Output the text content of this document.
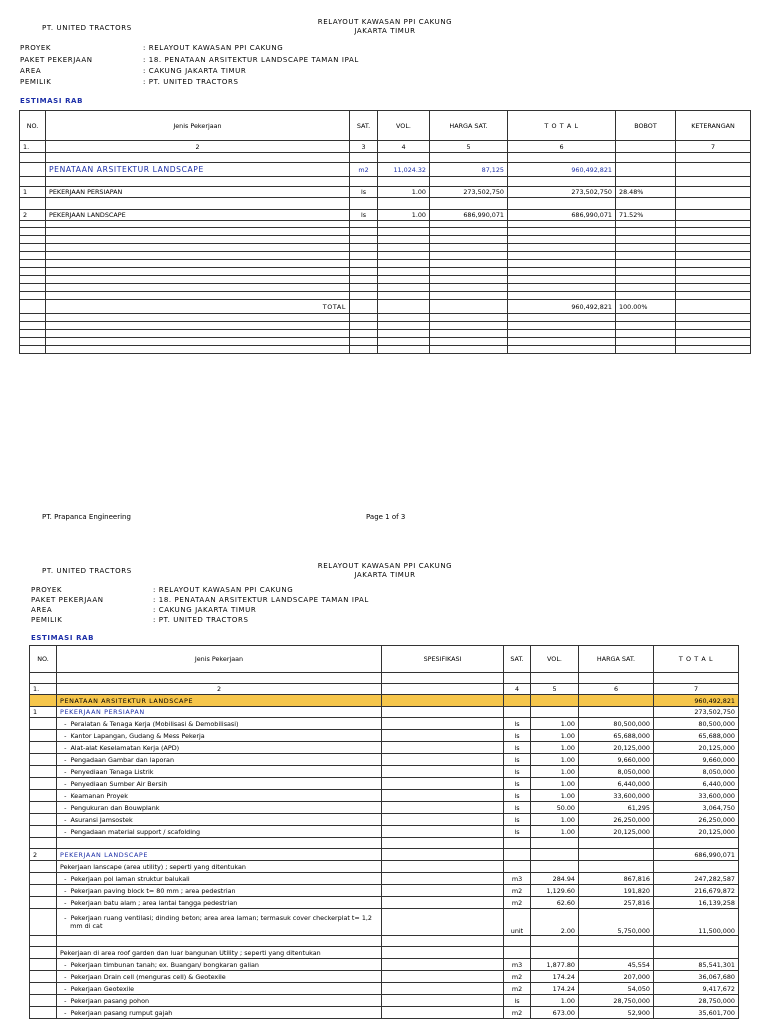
PT. UNITED TRACTORS
RELAYOUT KAWASAN PPI CAKUNG
JAKARTA TIMUR
PROYEK	: RELAYOUT KAWASAN PPI CAKUNG
PAKET PEKERJAAN	: 18. PENATAAN ARSITEKTUR LANDSCAPE TAMAN IPAL
AREA	: CAKUNG JAKARTA TIMUR
PEMILIK	: PT. UNITED TRACTORS
ESTIMASI RAB
NO.	Jenis Pekerjaan	SAT.	VOL.	HARGA SAT.	T O T A L	BOBOT	KETERANGAN
1.	2	3	4	5	6		7

	PENATAAN ARSITEKTUR LANDSCAPE	m2	11,024.32	87,125	960,492,821		

1	PEKERJAAN PERSIAPAN	ls	1.00	273,502,750	273,502,750	28.48%	

2	PEKERJAAN LANDSCAPE	ls	1.00	686,990,071	686,990,071	71.52%	

	TOTAL				960,492,821	100.00%	

PT. Prapanca Engineering	Page 1 of 3
PT. UNITED TRACTORS
RELAYOUT KAWASAN PPI CAKUNG
JAKARTA TIMUR
PROYEK	: RELAYOUT KAWASAN PPI CAKUNG
PAKET PEKERJAAN	: 18. PENATAAN ARSITEKTUR LANDSCAPE TAMAN IPAL
AREA	: CAKUNG JAKARTA TIMUR
PEMILIK	: PT. UNITED TRACTORS
ESTIMASI RAB
NO.	Jenis Pekerjaan	SPESIFIKASI	SAT.	VOL.	HARGA SAT.	T O T A L

1.	2		4	5	6	7
	PENATAAN ARSITEKTUR LANDSCAPE					960,492,821
1	PEKERJAAN PERSIAPAN					273,502,750
	-  Peralatan & Tenaga Kerja (Mobilisasi & Demobilisasi)		ls	1.00	80,500,000	80,500,000
	-  Kantor Lapangan, Gudang & Mess Pekerja		ls	1.00	65,688,000	65,688,000
	-  Alat-alat Keselamatan Kerja (APD)		ls	1.00	20,125,000	20,125,000
	-  Pengadaan Gambar dan laporan		ls	1.00	9,660,000	9,660,000
	-  Penyediaan Tenaga Listrik		ls	1.00	8,050,000	8,050,000
	-  Penyediaan Sumber Air Bersih		ls	1.00	6,440,000	6,440,000
	-  Keamanan Proyek		ls	1.00	33,600,000	33,600,000
	-  Pengukuran dan Bouwplank		ls	50.00	61,295	3,064,750
	-  Asuransi Jamsostek		ls	1.00	26,250,000	26,250,000
	-  Pengadaan material support / scafolding		ls	1.00	20,125,000	20,125,000

2	PEKERJAAN LANDSCAPE					686,990,071
	Pekerjaan lanscape (area utility) ; seperti yang ditentukan					
	-  Pekerjaan pol laman struktur balukali		m3	284.94	867,816	247,282,587
	-  Pekerjaan paving block t= 80 mm ; area pedestrian		m2	1,129.60	191,820	216,679,872
	-  Pekerjaan batu alam ; area lantai tangga pedestrian		m2	62.60	257,816	16,139,258
	-  Pekerjaan ruang ventilasi; dinding beton; area area laman; termasuk cover checkerplat t= 1,2
mm di cat		unit	2.00	5,750,000	11,500,000

	Pekerjaan di area roof garden dan luar bangunan Utility ; seperti yang ditentukan					
	-  Pekerjaan timbunan tanah; ex. Buangan/ bongkaran galian		m3	1,877.80	45,554	85,541,301
	-  Pekerjaan Drain cell (menguras cell) & Geotexile		m2	174.24	207,000	36,067,680
	-  Pekerjaan Geotexile		m2	174.24	54,050	9,417,672
	-  Pekerjaan pasang pohon		ls	1.00	28,750,000	28,750,000
	-  Pekerjaan pasang rumput gajah		m2	673.00	52,900	35,601,700
